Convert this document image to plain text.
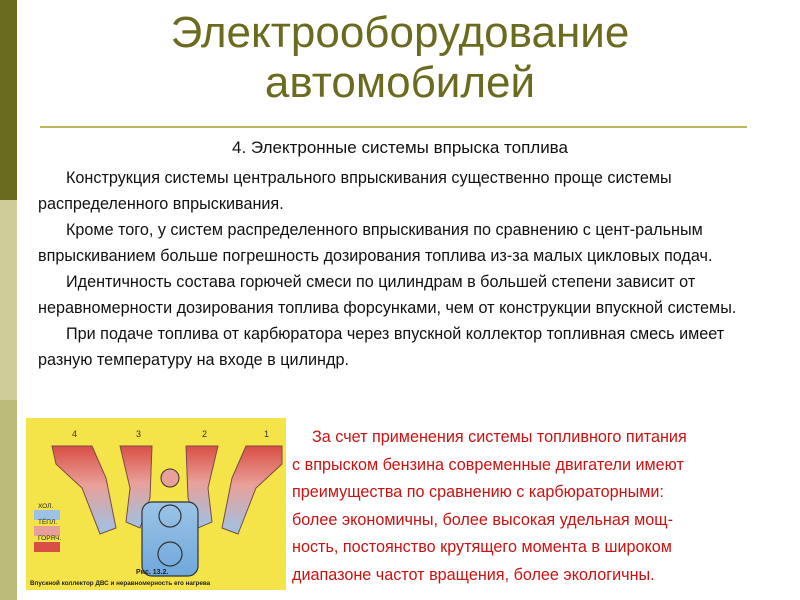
Электрооборудование
автомобилей
4. Электронные системы впрыска топлива

Конструкция системы центрального впрыскивания существенно проще системы распределенного впрыскивания.

Кроме того, у систем распределенного впрыскивания по сравнению с цент-ральным впрыскиванием больше погрешность дозирования топлива из-за малых цикловых подач.

Идентичность состава горючей смеси по цилиндрам в большей степени зависит от неравномерности дозирования топлива форсунками, чем от конструкции впускной системы.

При подаче топлива от карбюратора через впускной коллектор топливная смесь имеет разную температуру на входе в цилиндр.

За счет применения системы топливного питания
с впрыском бензина современные двигатели имеют
преимущества по сравнению с карбюраторными:
более экономичны, более высокая удельная мощ-
ность, постоянство крутящего момента в широком
диапазоне частот вращения, более экологичны.
4	3	2	1
ХОЛ.
ТЁПЛ.
ГОРЯЧ.
Рис. 13.2.
Впускной коллектор ДВС и неравномерность его нагрева
